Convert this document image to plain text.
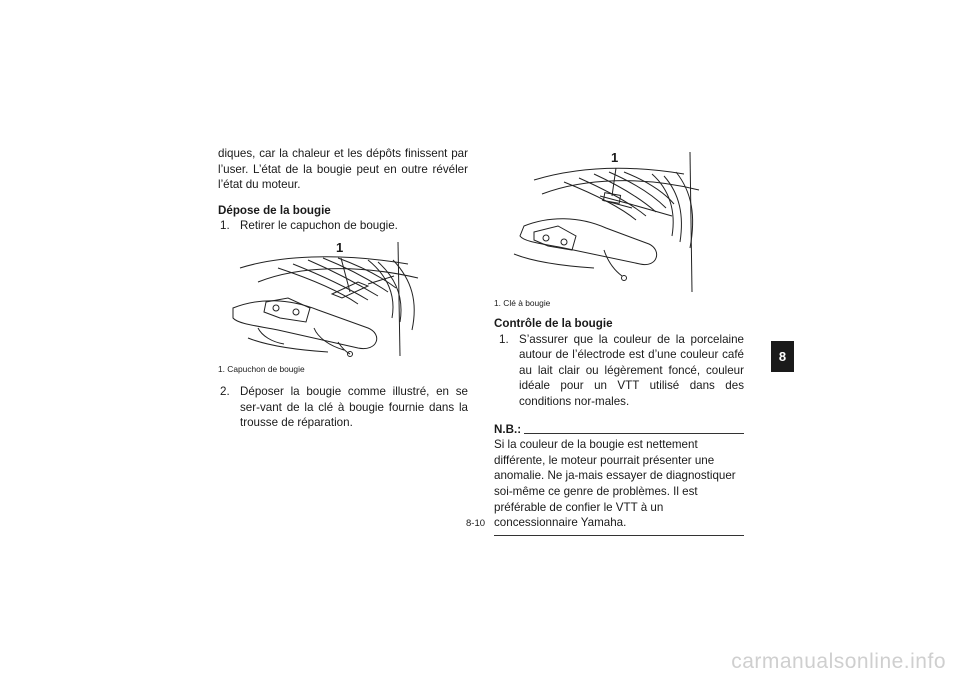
diques, car la chaleur et les dépôts finissent par l’user. L’état de la bougie peut en outre révéler l’état du moteur.

Dépose de la bougie
1. Retirer le capuchon de bougie.
1
1. Capuchon de bougie
2. Déposer la bougie comme illustré, en se ser-vant de la clé à bougie fournie dans la trousse de réparation.
1
1. Clé à bougie
Contrôle de la bougie
1. S’assurer que la couleur de la porcelaine autour de l’électrode est d’une couleur café au lait clair ou légèrement foncé, couleur idéale pour un VTT utilisé dans des conditions nor-males.
N.B.:
Si la couleur de la bougie est nettement différente, le moteur pourrait présenter une anomalie. Ne ja-mais essayer de diagnostiquer soi-même ce genre de problèmes. Il est préférable de confier le VTT à un concessionnaire Yamaha.
8
8-10
carmanualsonline.info
